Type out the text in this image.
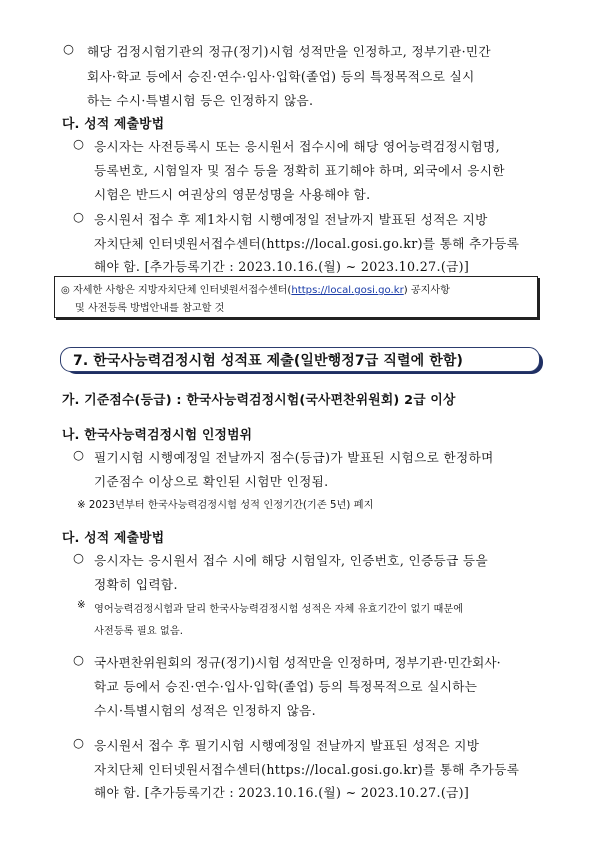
○ 해당 검정시험기관의 정규(정기)시험 성적만을 인정하고, 정부기관·민간
회사·학교 등에서 승진·연수·임사·입학(졸업) 등의 특정목적으로 실시
하는 수시·특별시험 등은 인정하지 않음.
다. 성적 제출방법
○ 응시자는 사전등록시 또는 응시원서 접수시에 해당 영어능력검정시험명,
등록번호, 시험일자 및 점수 등을 정확히 표기해야 하며, 외국에서 응시한
시험은 반드시 여권상의 영문성명을 사용해야 함.
○ 응시원서 접수 후 제1차시험 시행예정일 전날까지 발표된 성적은 지방
자치단체 인터넷원서접수센터(https://local.gosi.go.kr)를 통해 추가등록
해야 함. [추가등록기간 : 2023.10.16.(월) ~ 2023.10.27.(금)]
◎ 자세한 사항은 지방자치단체 인터넷원서접수센터(https://local.gosi.go.kr) 공지사항
및 사전등록 방법안내를 참고할 것
7. 한국사능력검정시험 성적표 제출(일반행정7급 직렬에 한함)
가. 기준점수(등급) : 한국사능력검정시험(국사편찬위원회) 2급 이상
나. 한국사능력검정시험 인정범위
○ 필기시험 시행예정일 전날까지 점수(등급)가 발표된 시험으로 한정하며
기준점수 이상으로 확인된 시험만 인정됨.
※ 2023년부터 한국사능력검정시험 성적 인정기간(기존 5년) 폐지
다. 성적 제출방법
○ 응시자는 응시원서 접수 시에 해당 시험일자, 인증번호, 인증등급 등을
정확히 입력함.
※ 영어능력검정시험과 달리 한국사능력검정시험 성적은 자체 유효기간이 없기 때문에
사전등록 필요 없음.
○ 국사편찬위원회의 정규(정기)시험 성적만을 인정하며, 정부기관·민간회사·
학교 등에서 승진·연수·입사·입학(졸업) 등의 특정목적으로 실시하는
수시·특별시험의 성적은 인정하지 않음.
○ 응시원서 접수 후 필기시험 시행예정일 전날까지 발표된 성적은 지방
자치단체 인터넷원서접수센터(https://local.gosi.go.kr)를 통해 추가등록
해야 함. [추가등록기간 : 2023.10.16.(월) ~ 2023.10.27.(금)]
